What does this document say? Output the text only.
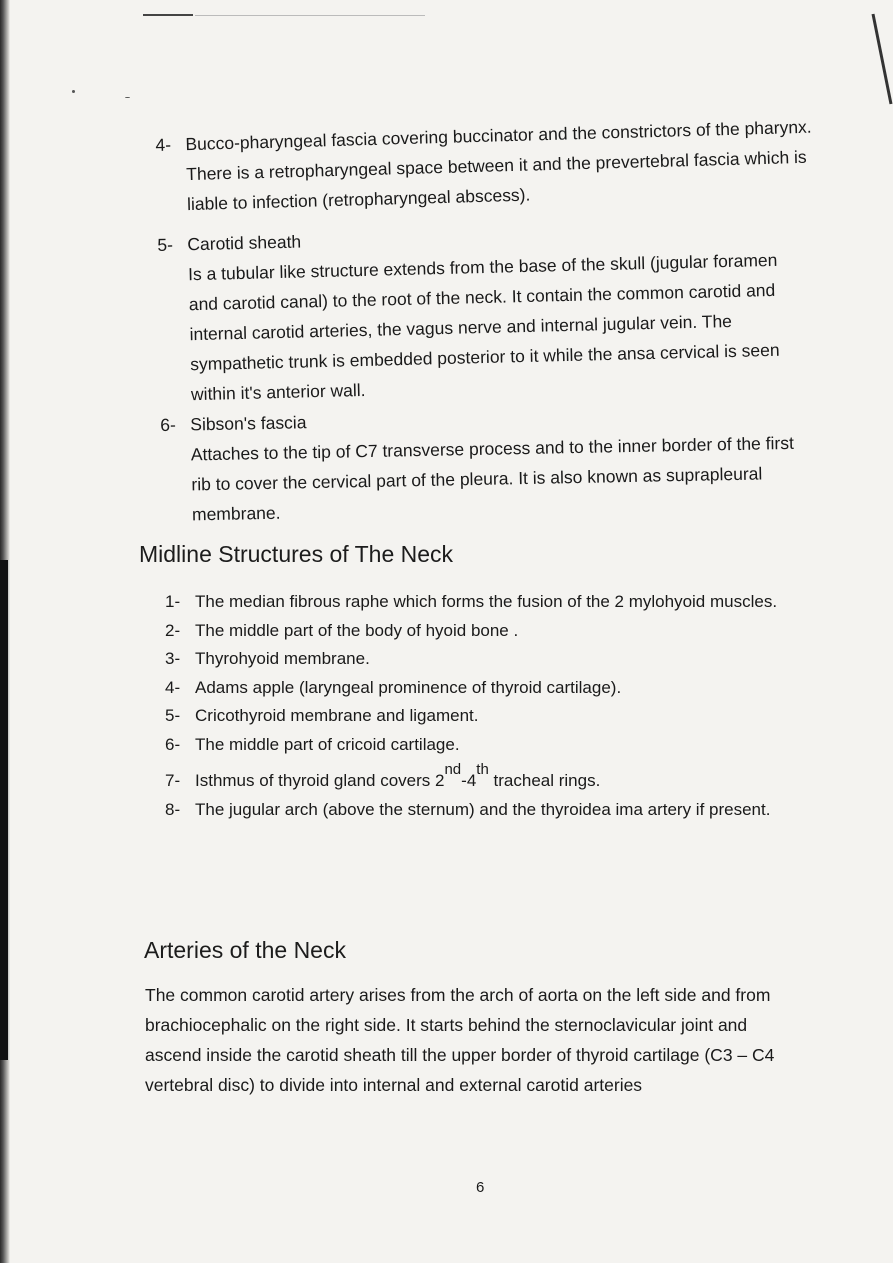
4- Bucco-pharyngeal fascia covering buccinator and the constrictors of the pharynx. There is a retropharyngeal space between it and the prevertebral fascia which is liable to infection (retropharyngeal abscess).
5- Carotid sheath
Is a tubular like structure extends from the base of the skull (jugular foramen and carotid canal) to the root of the neck. It contain the common carotid and internal carotid arteries, the vagus nerve and internal jugular vein. The sympathetic trunk is embedded posterior to it while the ansa cervical is seen within it's anterior wall.
6- Sibson's fascia
Attaches to the tip of C7 transverse process and to the inner border of the first rib to cover the cervical part of the pleura. It is also known as suprapleural membrane.
Midline Structures of The Neck
1- The median fibrous raphe which forms the fusion of the 2 mylohyoid muscles.
2- The middle part of the body of hyoid bone .
3- Thyrohyoid membrane.
4- Adams apple (laryngeal prominence of thyroid cartilage).
5- Cricothyroid membrane and ligament.
6- The middle part of cricoid cartilage.
7- Isthmus of thyroid gland covers 2nd-4th tracheal rings.
8- The jugular arch (above the sternum) and the thyroidea ima artery if present.
Arteries of the Neck
The common carotid artery arises from the arch of aorta on the left side and from brachiocephalic on the right side. It starts behind the sternoclavicular joint and ascend inside the carotid sheath till the upper border of thyroid cartilage (C3 – C4 vertebral disc) to divide into internal and external carotid arteries
6
